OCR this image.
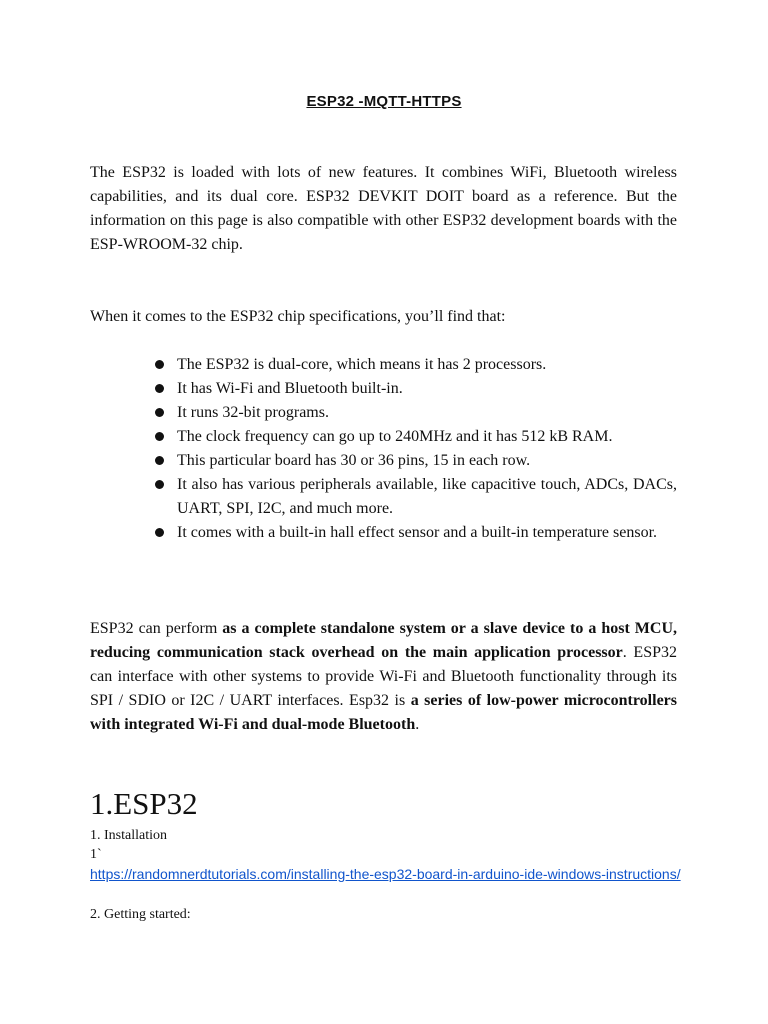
ESP32 -MQTT-HTTPS

The ESP32 is loaded with lots of new features. It combines WiFi, Bluetooth wireless capabilities, and its dual core. ESP32 DEVKIT DOIT board as a reference. But the information on this page is also compatible with other ESP32 development boards with the ESP-WROOM-32 chip.

When it comes to the ESP32 chip specifications, you’ll find that:

The ESP32 is dual-core, which means it has 2 processors.
It has Wi-Fi and Bluetooth built-in.
It runs 32-bit programs.
The clock frequency can go up to 240MHz and it has 512 kB RAM.
This particular board has 30 or 36 pins, 15 in each row.
It also has various peripherals available, like capacitive touch, ADCs, DACs, UART, SPI, I2C, and much more.
It comes with a built-in hall effect sensor and a built-in temperature sensor.

ESP32 can perform as a complete standalone system or a slave device to a host MCU, reducing communication stack overhead on the main application processor. ESP32 can interface with other systems to provide Wi-Fi and Bluetooth functionality through its SPI / SDIO or I2C / UART interfaces. Esp32 is a series of low-power microcontrollers with integrated Wi-Fi and dual-mode Bluetooth.

1.ESP32
1. Installation
1`
https://randomnerdtutorials.com/installing-the-esp32-board-in-arduino-ide-windows-instructions/
2. Getting started:
